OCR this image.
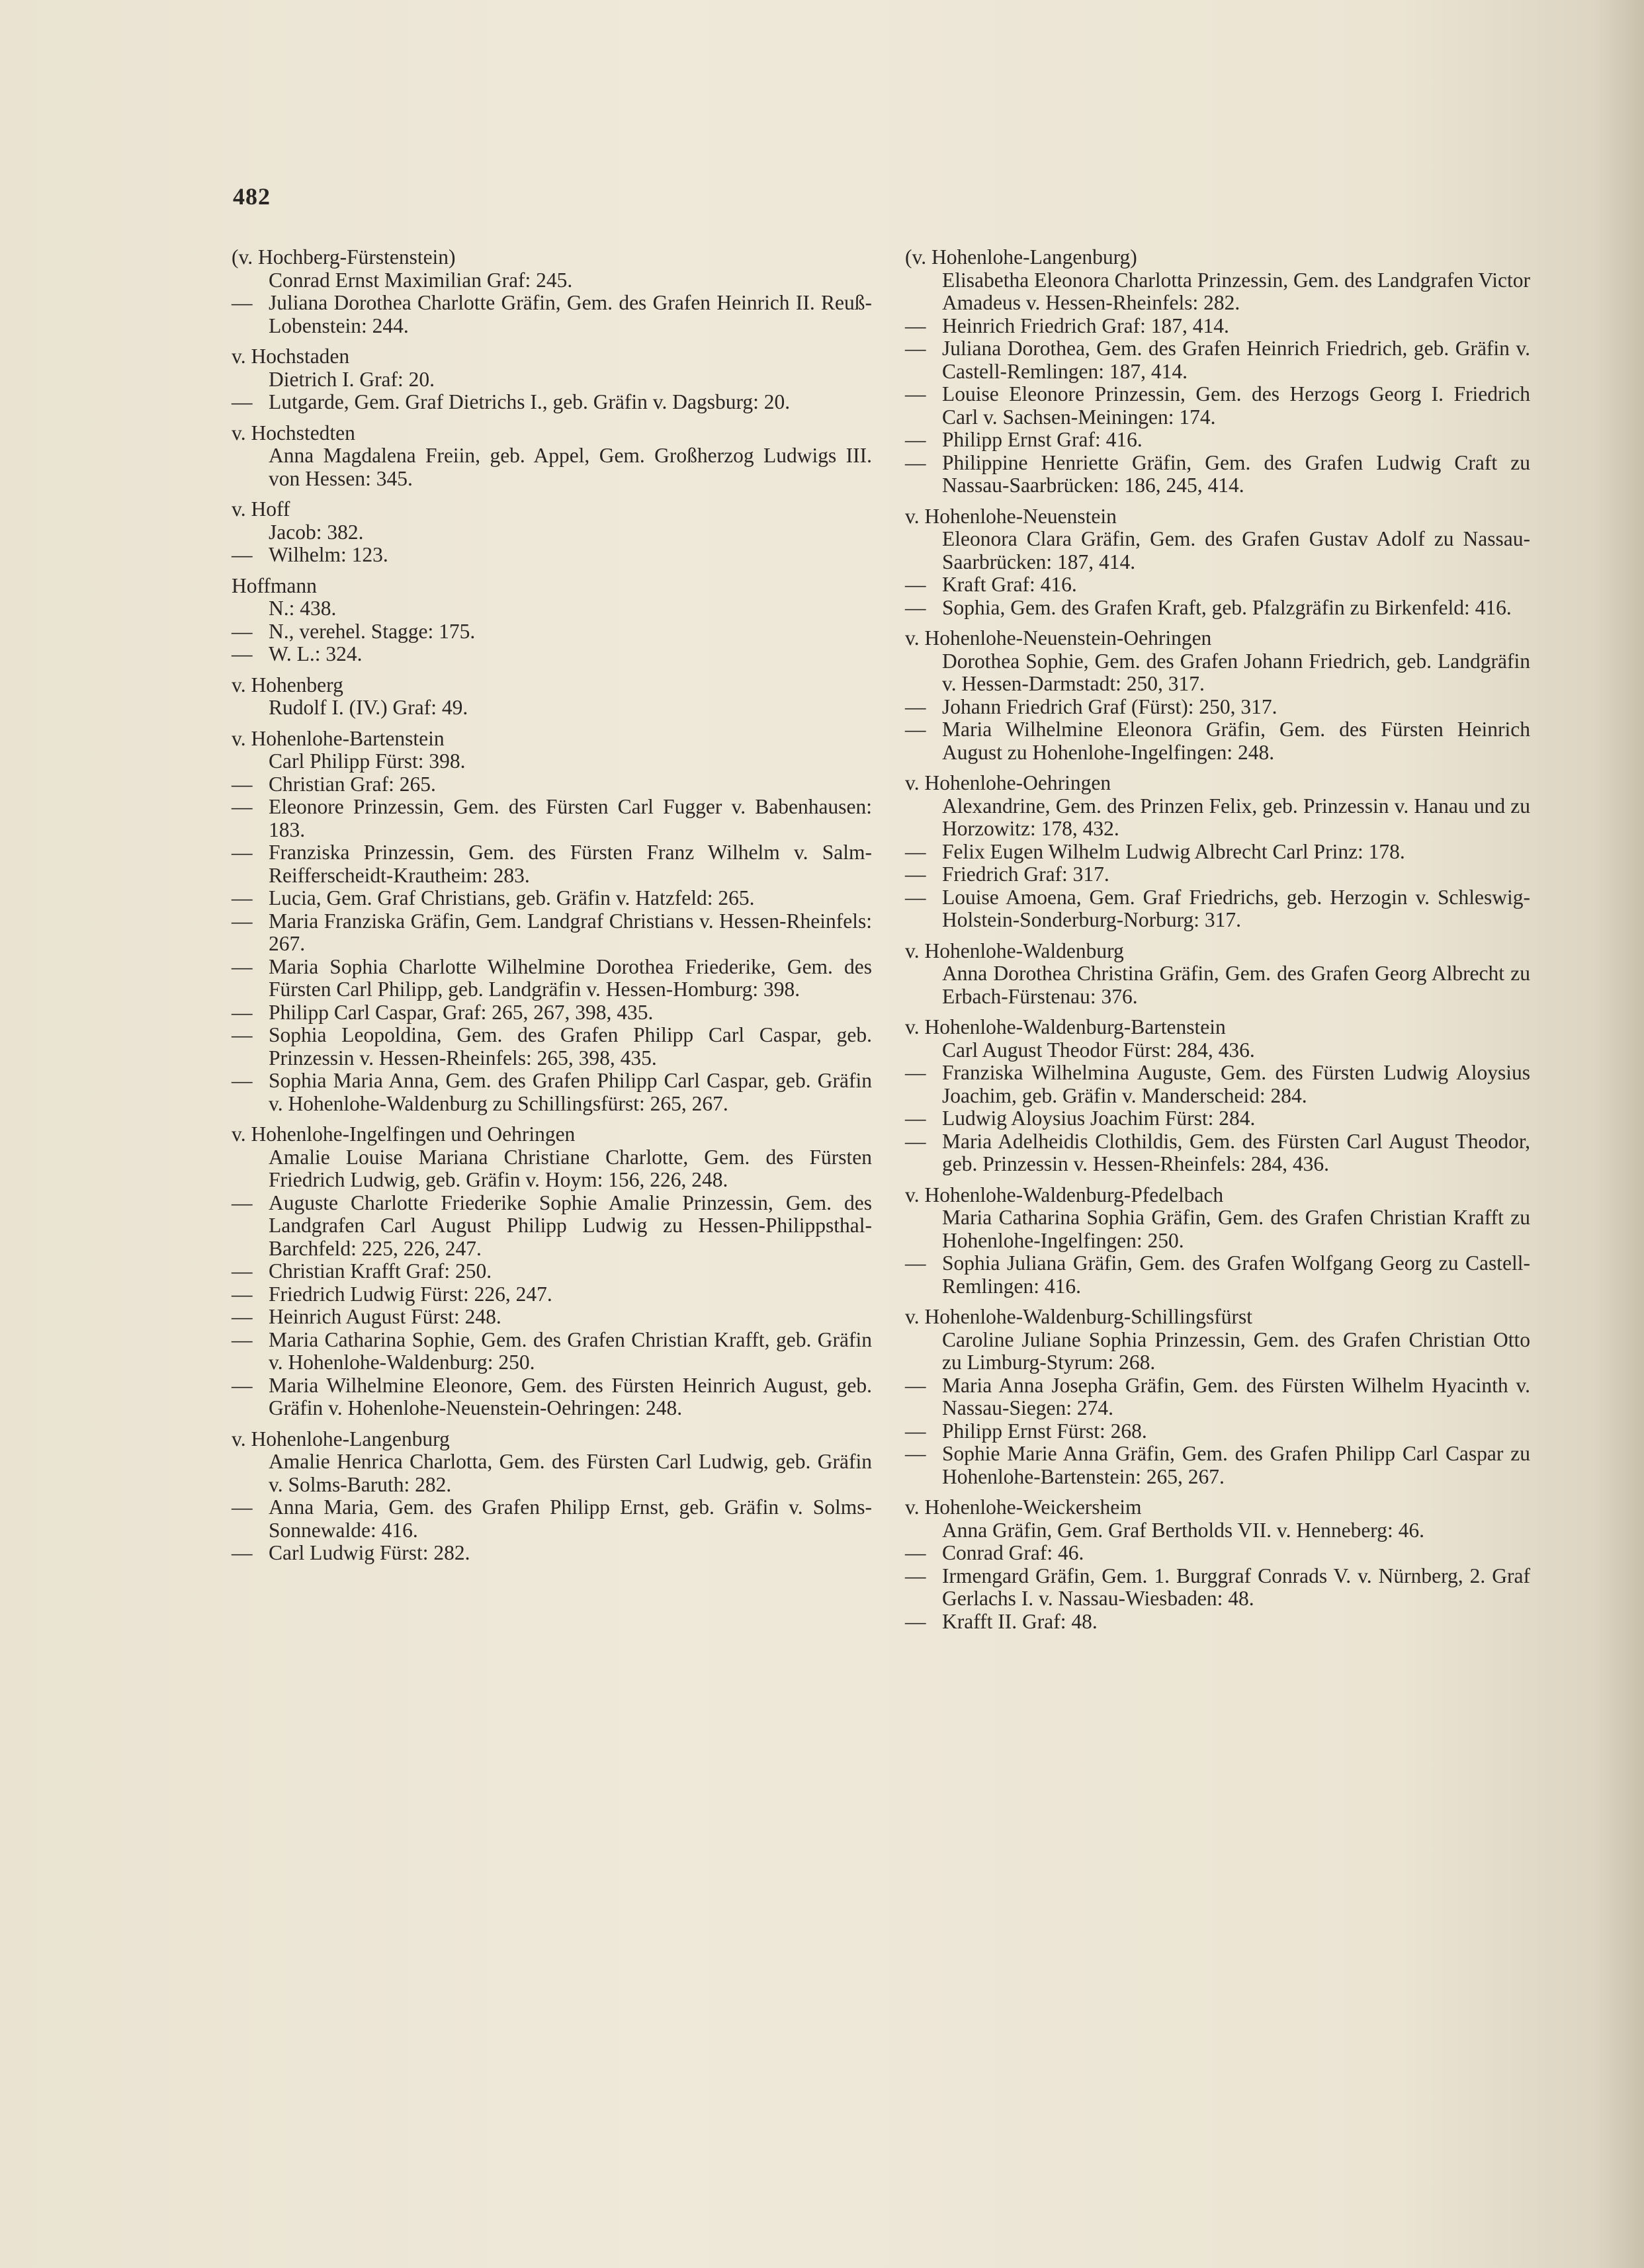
482
(v. Hochberg-Fürstenstein)
Conrad Ernst Maximilian Graf: 245.
— Juliana Dorothea Charlotte Gräfin, Gem. des Grafen Heinrich II. Reuß-Lobenstein: 244.
v. Hochstaden
Dietrich I. Graf: 20.
— Lutgarde, Gem. Graf Dietrichs I., geb. Gräfin v. Dagsburg: 20.
v. Hochstedten
Anna Magdalena Freiin, geb. Appel, Gem. Großherzog Ludwigs III. von Hessen: 345.
v. Hoff
Jacob: 382.
— Wilhelm: 123.
Hoffmann
N.: 438.
— N., verehel. Stagge: 175.
— W. L.: 324.
v. Hohenberg
Rudolf I. (IV.) Graf: 49.
v. Hohenlohe-Bartenstein
Carl Philipp Fürst: 398.
— Christian Graf: 265.
— Eleonore Prinzessin, Gem. des Fürsten Carl Fugger v. Babenhausen: 183.
— Franziska Prinzessin, Gem. des Fürsten Franz Wilhelm v. Salm-Reifferscheidt-Krautheim: 283.
— Lucia, Gem. Graf Christians, geb. Gräfin v. Hatzfeld: 265.
— Maria Franziska Gräfin, Gem. Landgraf Christians v. Hessen-Rheinfels: 267.
— Maria Sophia Charlotte Wilhelmine Dorothea Friederike, Gem. des Fürsten Carl Philipp, geb. Landgräfin v. Hessen-Homburg: 398.
— Philipp Carl Caspar, Graf: 265, 267, 398, 435.
— Sophia Leopoldina, Gem. des Grafen Philipp Carl Caspar, geb. Prinzessin v. Hessen-Rheinfels: 265, 398, 435.
— Sophia Maria Anna, Gem. des Grafen Philipp Carl Caspar, geb. Gräfin v. Hohenlohe-Waldenburg zu Schillingsfürst: 265, 267.
v. Hohenlohe-Ingelfingen und Oehringen
Amalie Louise Mariana Christiane Charlotte, Gem. des Fürsten Friedrich Ludwig, geb. Gräfin v. Hoym: 156, 226, 248.
— Auguste Charlotte Friederike Sophie Amalie Prinzessin, Gem. des Landgrafen Carl August Philipp Ludwig zu Hessen-Philippsthal-Barchfeld: 225, 226, 247.
— Christian Krafft Graf: 250.
— Friedrich Ludwig Fürst: 226, 247.
— Heinrich August Fürst: 248.
— Maria Catharina Sophie, Gem. des Grafen Christian Krafft, geb. Gräfin v. Hohenlohe-Waldenburg: 250.
— Maria Wilhelmine Eleonore, Gem. des Fürsten Heinrich August, geb. Gräfin v. Hohenlohe-Neuenstein-Oehringen: 248.
v. Hohenlohe-Langenburg
Amalie Henrica Charlotta, Gem. des Fürsten Carl Ludwig, geb. Gräfin v. Solms-Baruth: 282.
— Anna Maria, Gem. des Grafen Philipp Ernst, geb. Gräfin v. Solms-Sonnewalde: 416.
— Carl Ludwig Fürst: 282.
(v. Hohenlohe-Langenburg)
Elisabetha Eleonora Charlotta Prinzessin, Gem. des Landgrafen Victor Amadeus v. Hessen-Rheinfels: 282.
— Heinrich Friedrich Graf: 187, 414.
— Juliana Dorothea, Gem. des Grafen Heinrich Friedrich, geb. Gräfin v. Castell-Remlingen: 187, 414.
— Louise Eleonore Prinzessin, Gem. des Herzogs Georg I. Friedrich Carl v. Sachsen-Meiningen: 174.
— Philipp Ernst Graf: 416.
— Philippine Henriette Gräfin, Gem. des Grafen Ludwig Craft zu Nassau-Saarbrücken: 186, 245, 414.
v. Hohenlohe-Neuenstein
Eleonora Clara Gräfin, Gem. des Grafen Gustav Adolf zu Nassau-Saarbrücken: 187, 414.
— Kraft Graf: 416.
— Sophia, Gem. des Grafen Kraft, geb. Pfalzgräfin zu Birkenfeld: 416.
v. Hohenlohe-Neuenstein-Oehringen
Dorothea Sophie, Gem. des Grafen Johann Friedrich, geb. Landgräfin v. Hessen-Darmstadt: 250, 317.
— Johann Friedrich Graf (Fürst): 250, 317.
— Maria Wilhelmine Eleonora Gräfin, Gem. des Fürsten Heinrich August zu Hohenlohe-Ingelfingen: 248.
v. Hohenlohe-Oehringen
Alexandrine, Gem. des Prinzen Felix, geb. Prinzessin v. Hanau und zu Horzowitz: 178, 432.
— Felix Eugen Wilhelm Ludwig Albrecht Carl Prinz: 178.
— Friedrich Graf: 317.
— Louise Amoena, Gem. Graf Friedrichs, geb. Herzogin v. Schleswig-Holstein-Sonderburg-Norburg: 317.
v. Hohenlohe-Waldenburg
Anna Dorothea Christina Gräfin, Gem. des Grafen Georg Albrecht zu Erbach-Fürstenau: 376.
v. Hohenlohe-Waldenburg-Bartenstein
Carl August Theodor Fürst: 284, 436.
— Franziska Wilhelmina Auguste, Gem. des Fürsten Ludwig Aloysius Joachim, geb. Gräfin v. Manderscheid: 284.
— Ludwig Aloysius Joachim Fürst: 284.
— Maria Adelheidis Clothildis, Gem. des Fürsten Carl August Theodor, geb. Prinzessin v. Hessen-Rheinfels: 284, 436.
v. Hohenlohe-Waldenburg-Pfedelbach
Maria Catharina Sophia Gräfin, Gem. des Grafen Christian Krafft zu Hohenlohe-Ingelfingen: 250.
— Sophia Juliana Gräfin, Gem. des Grafen Wolfgang Georg zu Castell-Remlingen: 416.
v. Hohenlohe-Waldenburg-Schillingsfürst
Caroline Juliane Sophia Prinzessin, Gem. des Grafen Christian Otto zu Limburg-Styrum: 268.
— Maria Anna Josepha Gräfin, Gem. des Fürsten Wilhelm Hyacinth v. Nassau-Siegen: 274.
— Philipp Ernst Fürst: 268.
— Sophie Marie Anna Gräfin, Gem. des Grafen Philipp Carl Caspar zu Hohenlohe-Bartenstein: 265, 267.
v. Hohenlohe-Weickersheim
Anna Gräfin, Gem. Graf Bertholds VII. v. Henneberg: 46.
— Conrad Graf: 46.
— Irmengard Gräfin, Gem. 1. Burggraf Conrads V. v. Nürnberg, 2. Graf Gerlachs I. v. Nassau-Wiesbaden: 48.
— Krafft II. Graf: 48.
